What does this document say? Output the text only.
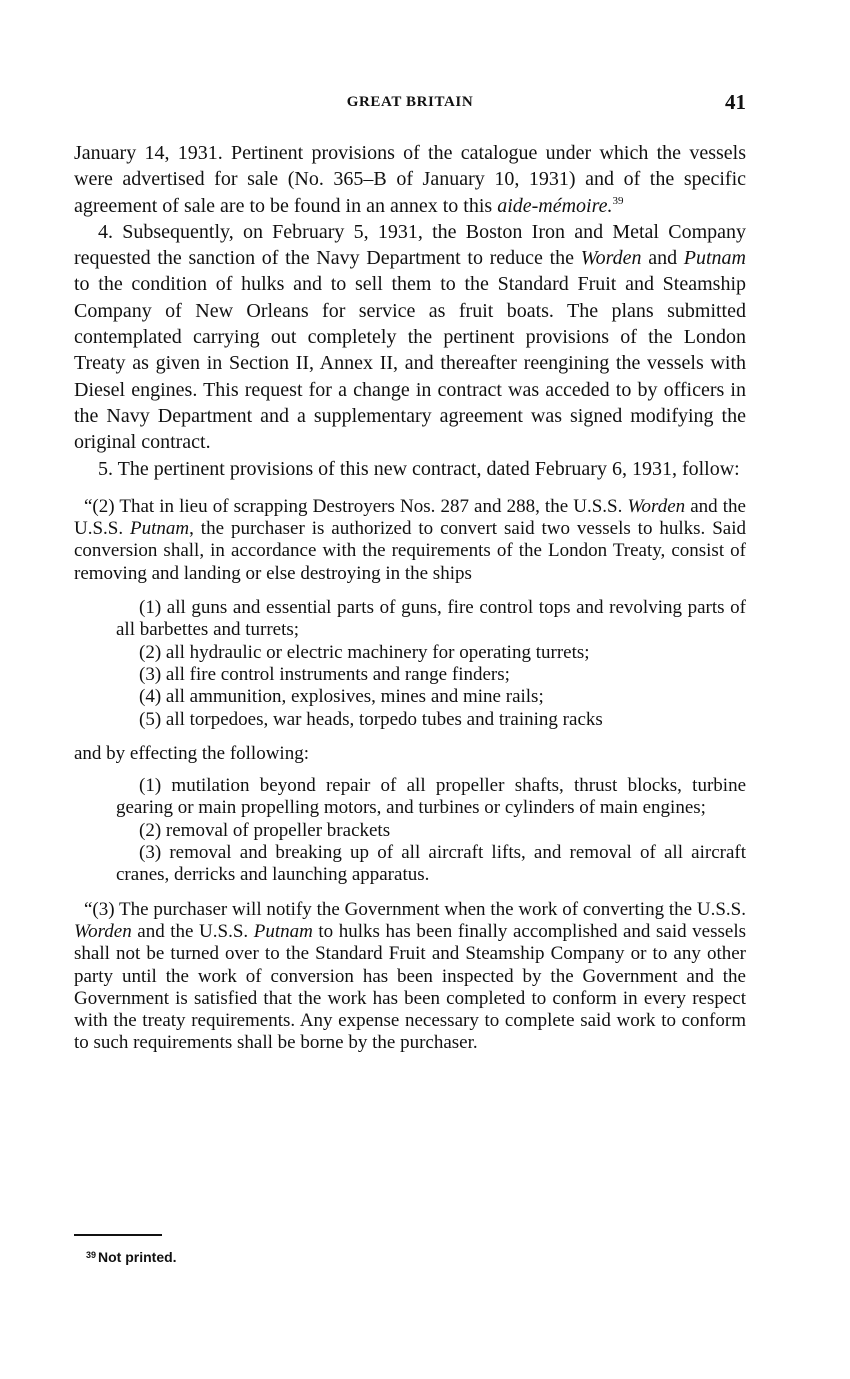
GREAT BRITAIN	41

January 14, 1931. Pertinent provisions of the catalogue under which the vessels were advertised for sale (No. 365–B of January 10, 1931) and of the specific agreement of sale are to be found in an annex to this aide-mémoire.$^{39}$

4. Subsequently, on February 5, 1931, the Boston Iron and Metal Company requested the sanction of the Navy Department to reduce the Worden and Putnam to the condition of hulks and to sell them to the Standard Fruit and Steamship Company of New Orleans for service as fruit boats. The plans submitted contemplated carrying out completely the pertinent provisions of the London Treaty as given in Section II, Annex II, and thereafter reengining the vessels with Diesel engines. This request for a change in contract was acceded to by officers in the Navy Department and a supplementary agreement was signed modifying the original contract.

5. The pertinent provisions of this new contract, dated February 6, 1931, follow:

“(2) That in lieu of scrapping Destroyers Nos. 287 and 288, the U.S.S. Worden and the U.S.S. Putnam, the purchaser is authorized to convert said two vessels to hulks. Said conversion shall, in accordance with the requirements of the London Treaty, consist of removing and landing or else destroying in the ships

(1) all guns and essential parts of guns, fire control tops and revolving parts of all barbettes and turrets;

(2) all hydraulic or electric machinery for operating turrets;

(3) all fire control instruments and range finders;

(4) all ammunition, explosives, mines and mine rails;

(5) all torpedoes, war heads, torpedo tubes and training racks

and by effecting the following:

(1) mutilation beyond repair of all propeller shafts, thrust blocks, turbine gearing or main propelling motors, and turbines or cylinders of main engines;

(2) removal of propeller brackets

(3) removal and breaking up of all aircraft lifts, and removal of all aircraft cranes, derricks and launching apparatus.

“(3) The purchaser will notify the Government when the work of converting the U.S.S. Worden and the U.S.S. Putnam to hulks has been finally accomplished and said vessels shall not be turned over to the Standard Fruit and Steamship Company or to any other party until the work of conversion has been inspected by the Government and the Government is satisfied that the work has been completed to conform in every respect with the treaty requirements. Any expense necessary to complete said work to conform to such requirements shall be borne by the purchaser.

$^{39}$ Not printed.
